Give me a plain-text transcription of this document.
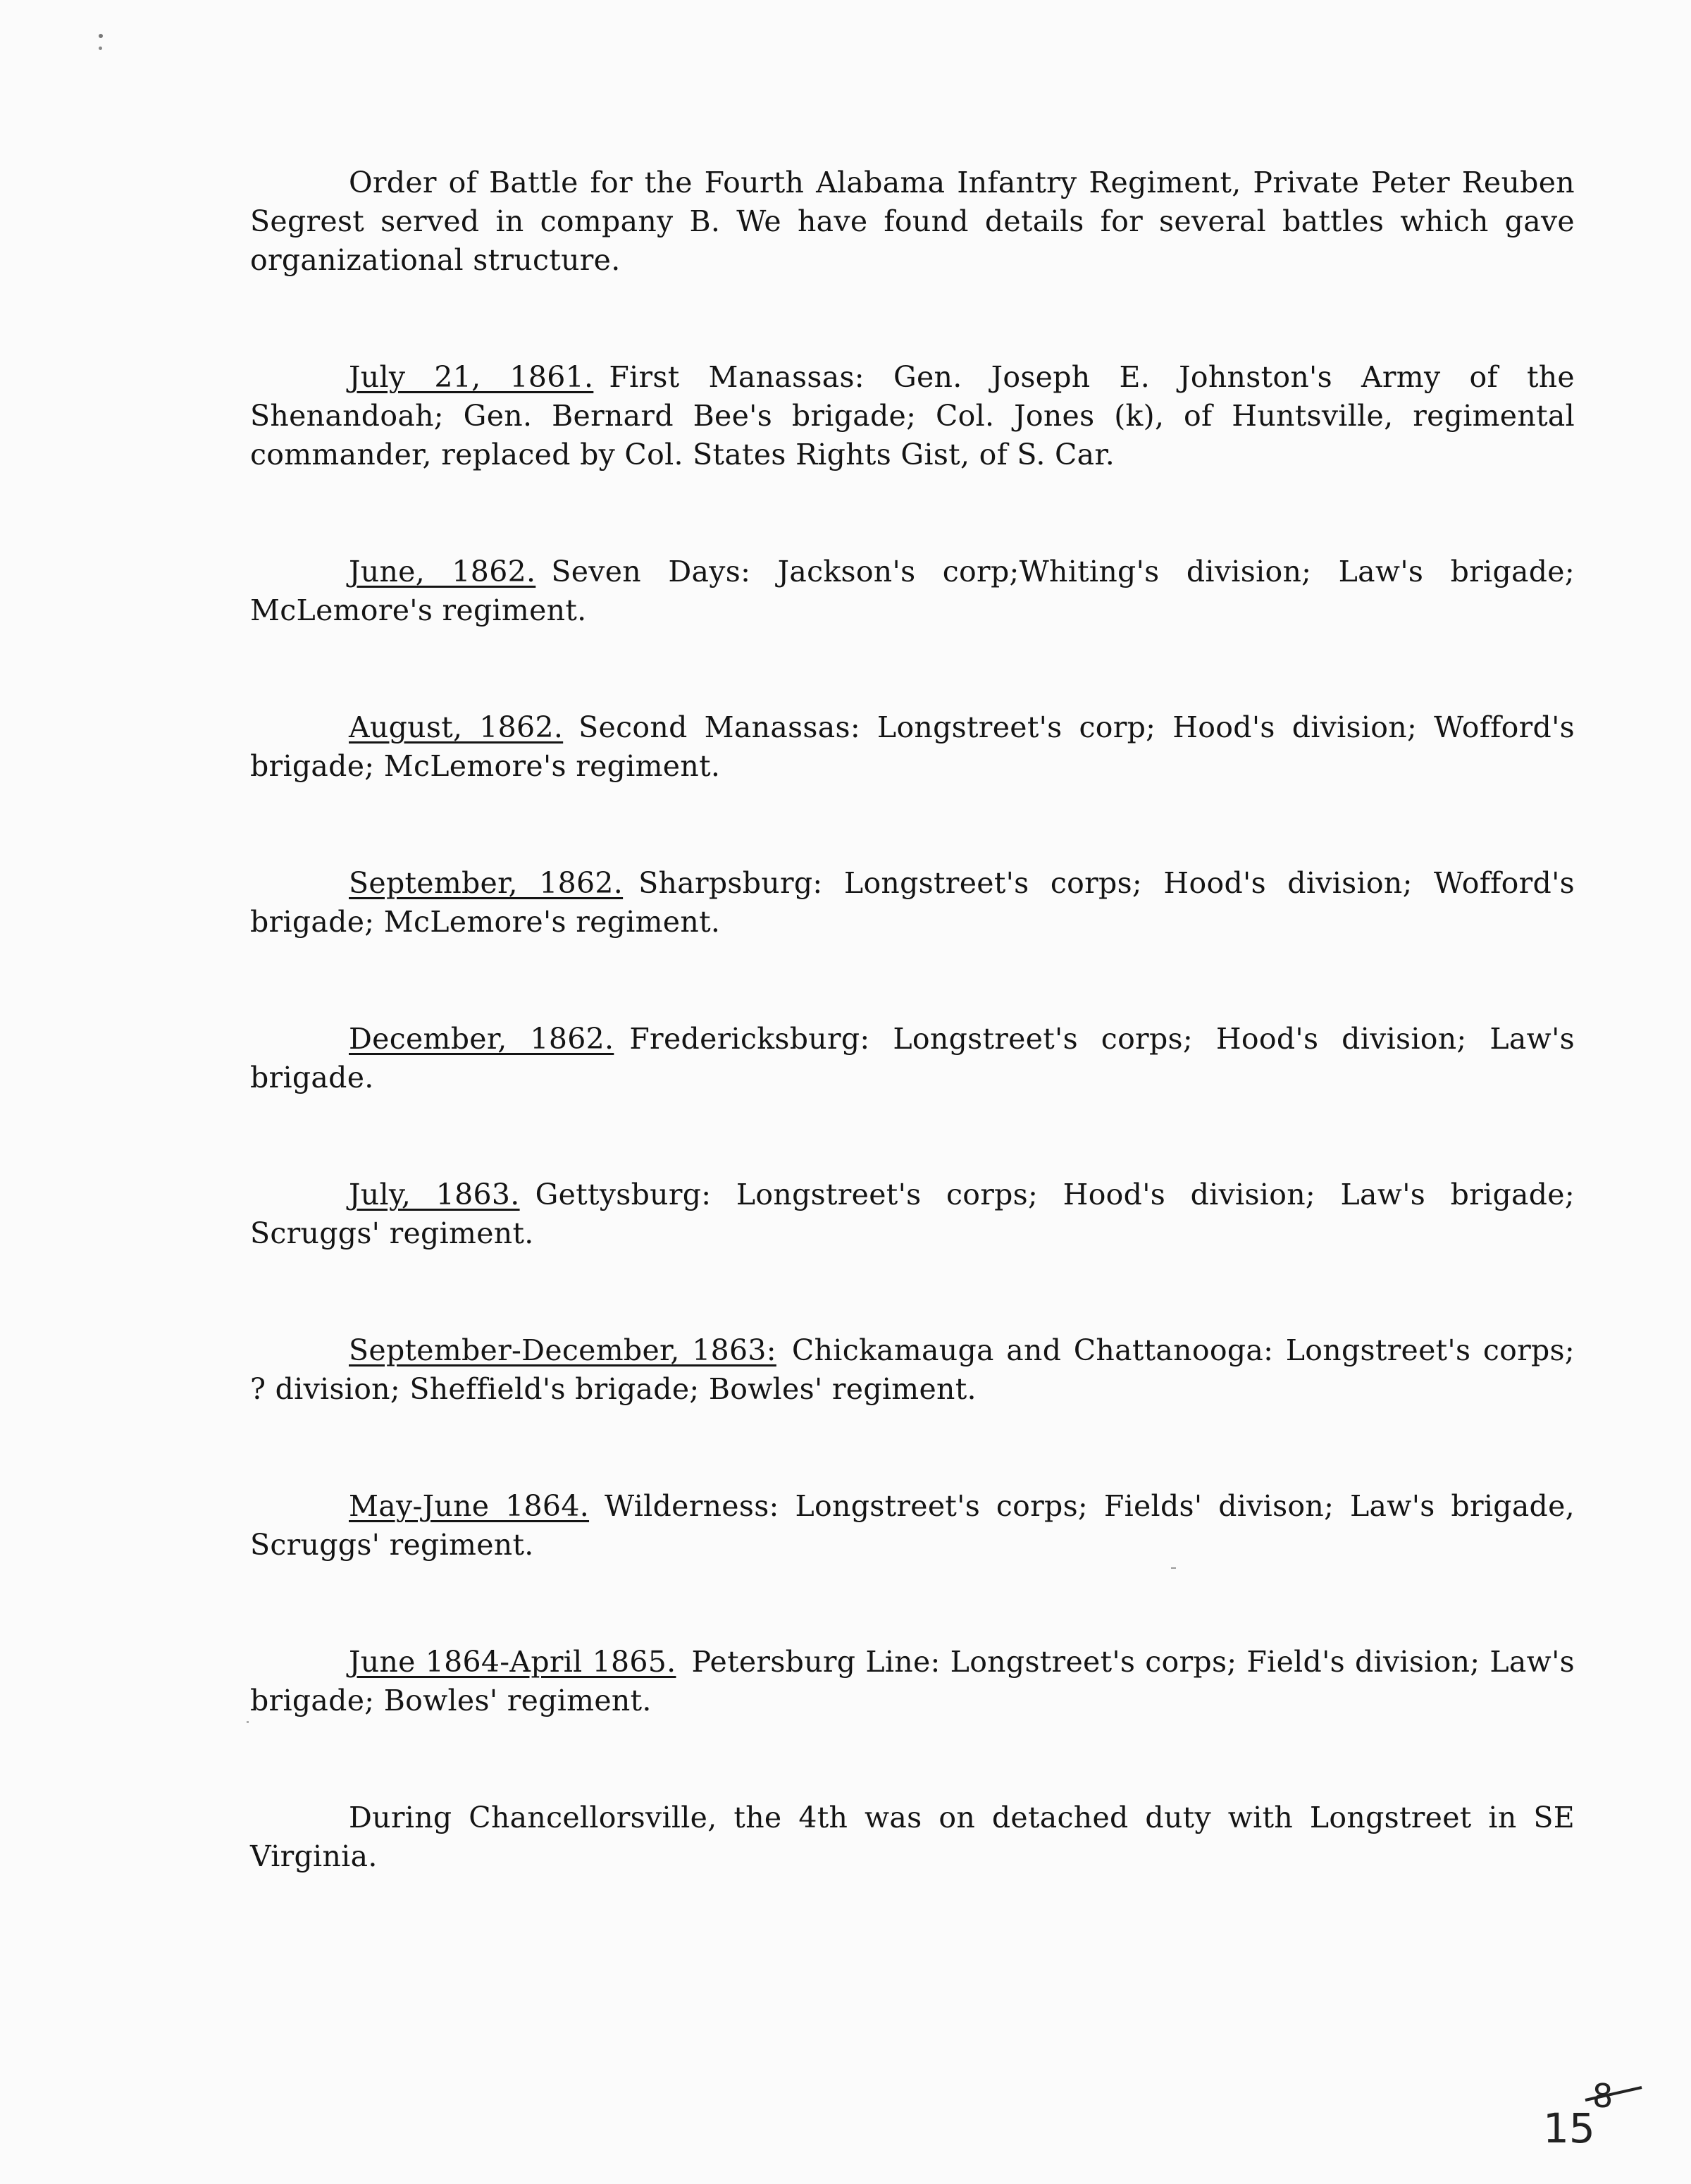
Order of Battle for the Fourth Alabama Infantry Regiment, Private Peter Reuben Segrest served in company B. We have found details for several battles which gave organizational structure.

July 21, 1861. First Manassas: Gen. Joseph E. Johnston's Army of the Shenandoah; Gen. Bernard Bee's brigade; Col. Jones (k), of Huntsville, regimental commander, replaced by Col. States Rights Gist, of S. Car.

June, 1862. Seven Days: Jackson's corp;Whiting's division; Law's brigade; McLemore's regiment.

August, 1862. Second Manassas: Longstreet's corp; Hood's division; Wofford's brigade; McLemore's regiment.

September, 1862. Sharpsburg: Longstreet's corps; Hood's division; Wofford's brigade; McLemore's regiment.

December, 1862. Fredericksburg: Longstreet's corps; Hood's division; Law's brigade.

July, 1863. Gettysburg: Longstreet's corps; Hood's division; Law's brigade; Scruggs' regiment.

September-December, 1863: Chickamauga and Chattanooga: Longstreet's corps; ? division; Sheffield's brigade; Bowles' regiment.

May-June 1864. Wilderness: Longstreet's corps; Fields' divison; Law's brigade, Scruggs' regiment.

June 1864-April 1865. Petersburg Line: Longstreet's corps; Field's division; Law's brigade; Bowles' regiment.

During Chancellorsville, the 4th was on detached duty with Longstreet in SE Virginia.

15
8
